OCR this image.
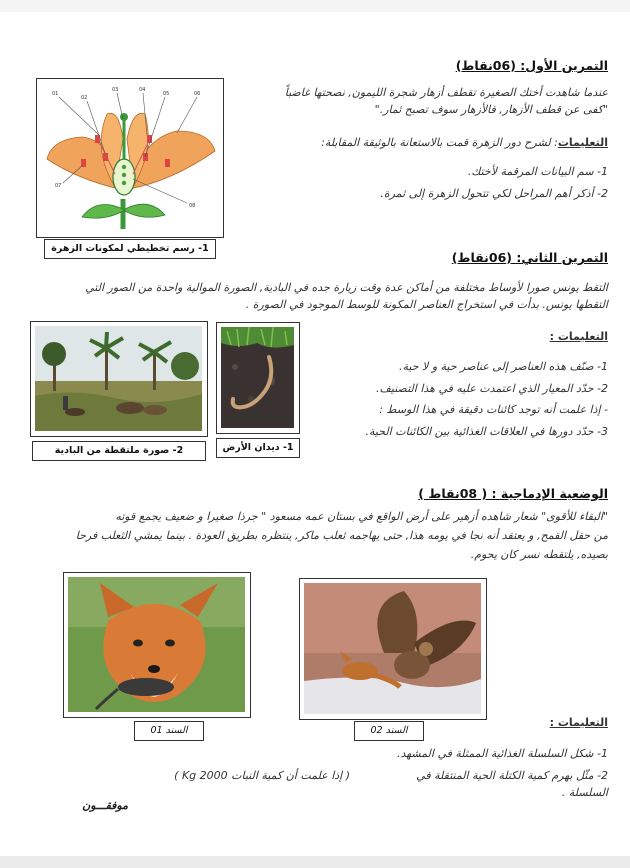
التمرين الأول: (06نقاط)
عندما شاهدت أختك الصغيرة تقطف أزهار شجرة الليمون, نصحتها غاضباً
"كفى عن قطف الأزهار, فالأزهار سوف تصبح ثمار."
التعليمات: لشرح دور الزهرة قمت بالاستعانة بالوثيقة المقابلة:
1- سم البيانات المرقمة لأختك.
2- أذكر أهم المراحل لكي تتحول الزهرة إلى ثمرة.
01
02
03	04
05	06
07
08
1- رسم تخطيطي لمكونات الزهرة
التمرين الثاني: (06نقاط)
التقط يونس صورا لأوساط مختلفة من أماكن عدة وقت زيارة جده في البادية, الصورة الموالية واحدة من الصور التي
التقطها يونس. بدأت في استخراج العناصر المكونة للوسط الموجود في الصورة .
التعليمات :
1- صنّف هذه العناصر إلى عناصر حية و لا حية.
2- حدّد المعيار الذي اعتمدت عليه في هذا التصنيف.
- إذا علمت أنه توجد كائنات دقيقة في هذا الوسط :
3- حدّد دورها في العلاقات الغذائية بين الكائنات الحية.
2- صورة ملتقطة من البادية	1- ديدان الأرض
الوضعية الإدماجية : ( 08نقاط )
"البقاء للأقوى" شعار شاهده أزهير على أرض الواقع في بستان عمه مسعود " جرذا صغيرا و ضعيف يجمع قوته
من حقل القمح, و يعتقد أنه نجا في يومه هذا, حتى يهاجمه ثعلب ماكر, ينتظره بطريق العودة . بينما يمشي الثعلب فرحا
بصيده, يلتقطه نسر كان يحوم.
السند 01	السند 02
التعليمات :
1- شكل السلسلة الغذائية الممثلة في المشهد.
2- مثّل بهرم كمية الكتلة الحية المنتقلة في السلسلة .
( إذا علمت أن كمية النبات 2000 Kg )
موفقـــون
